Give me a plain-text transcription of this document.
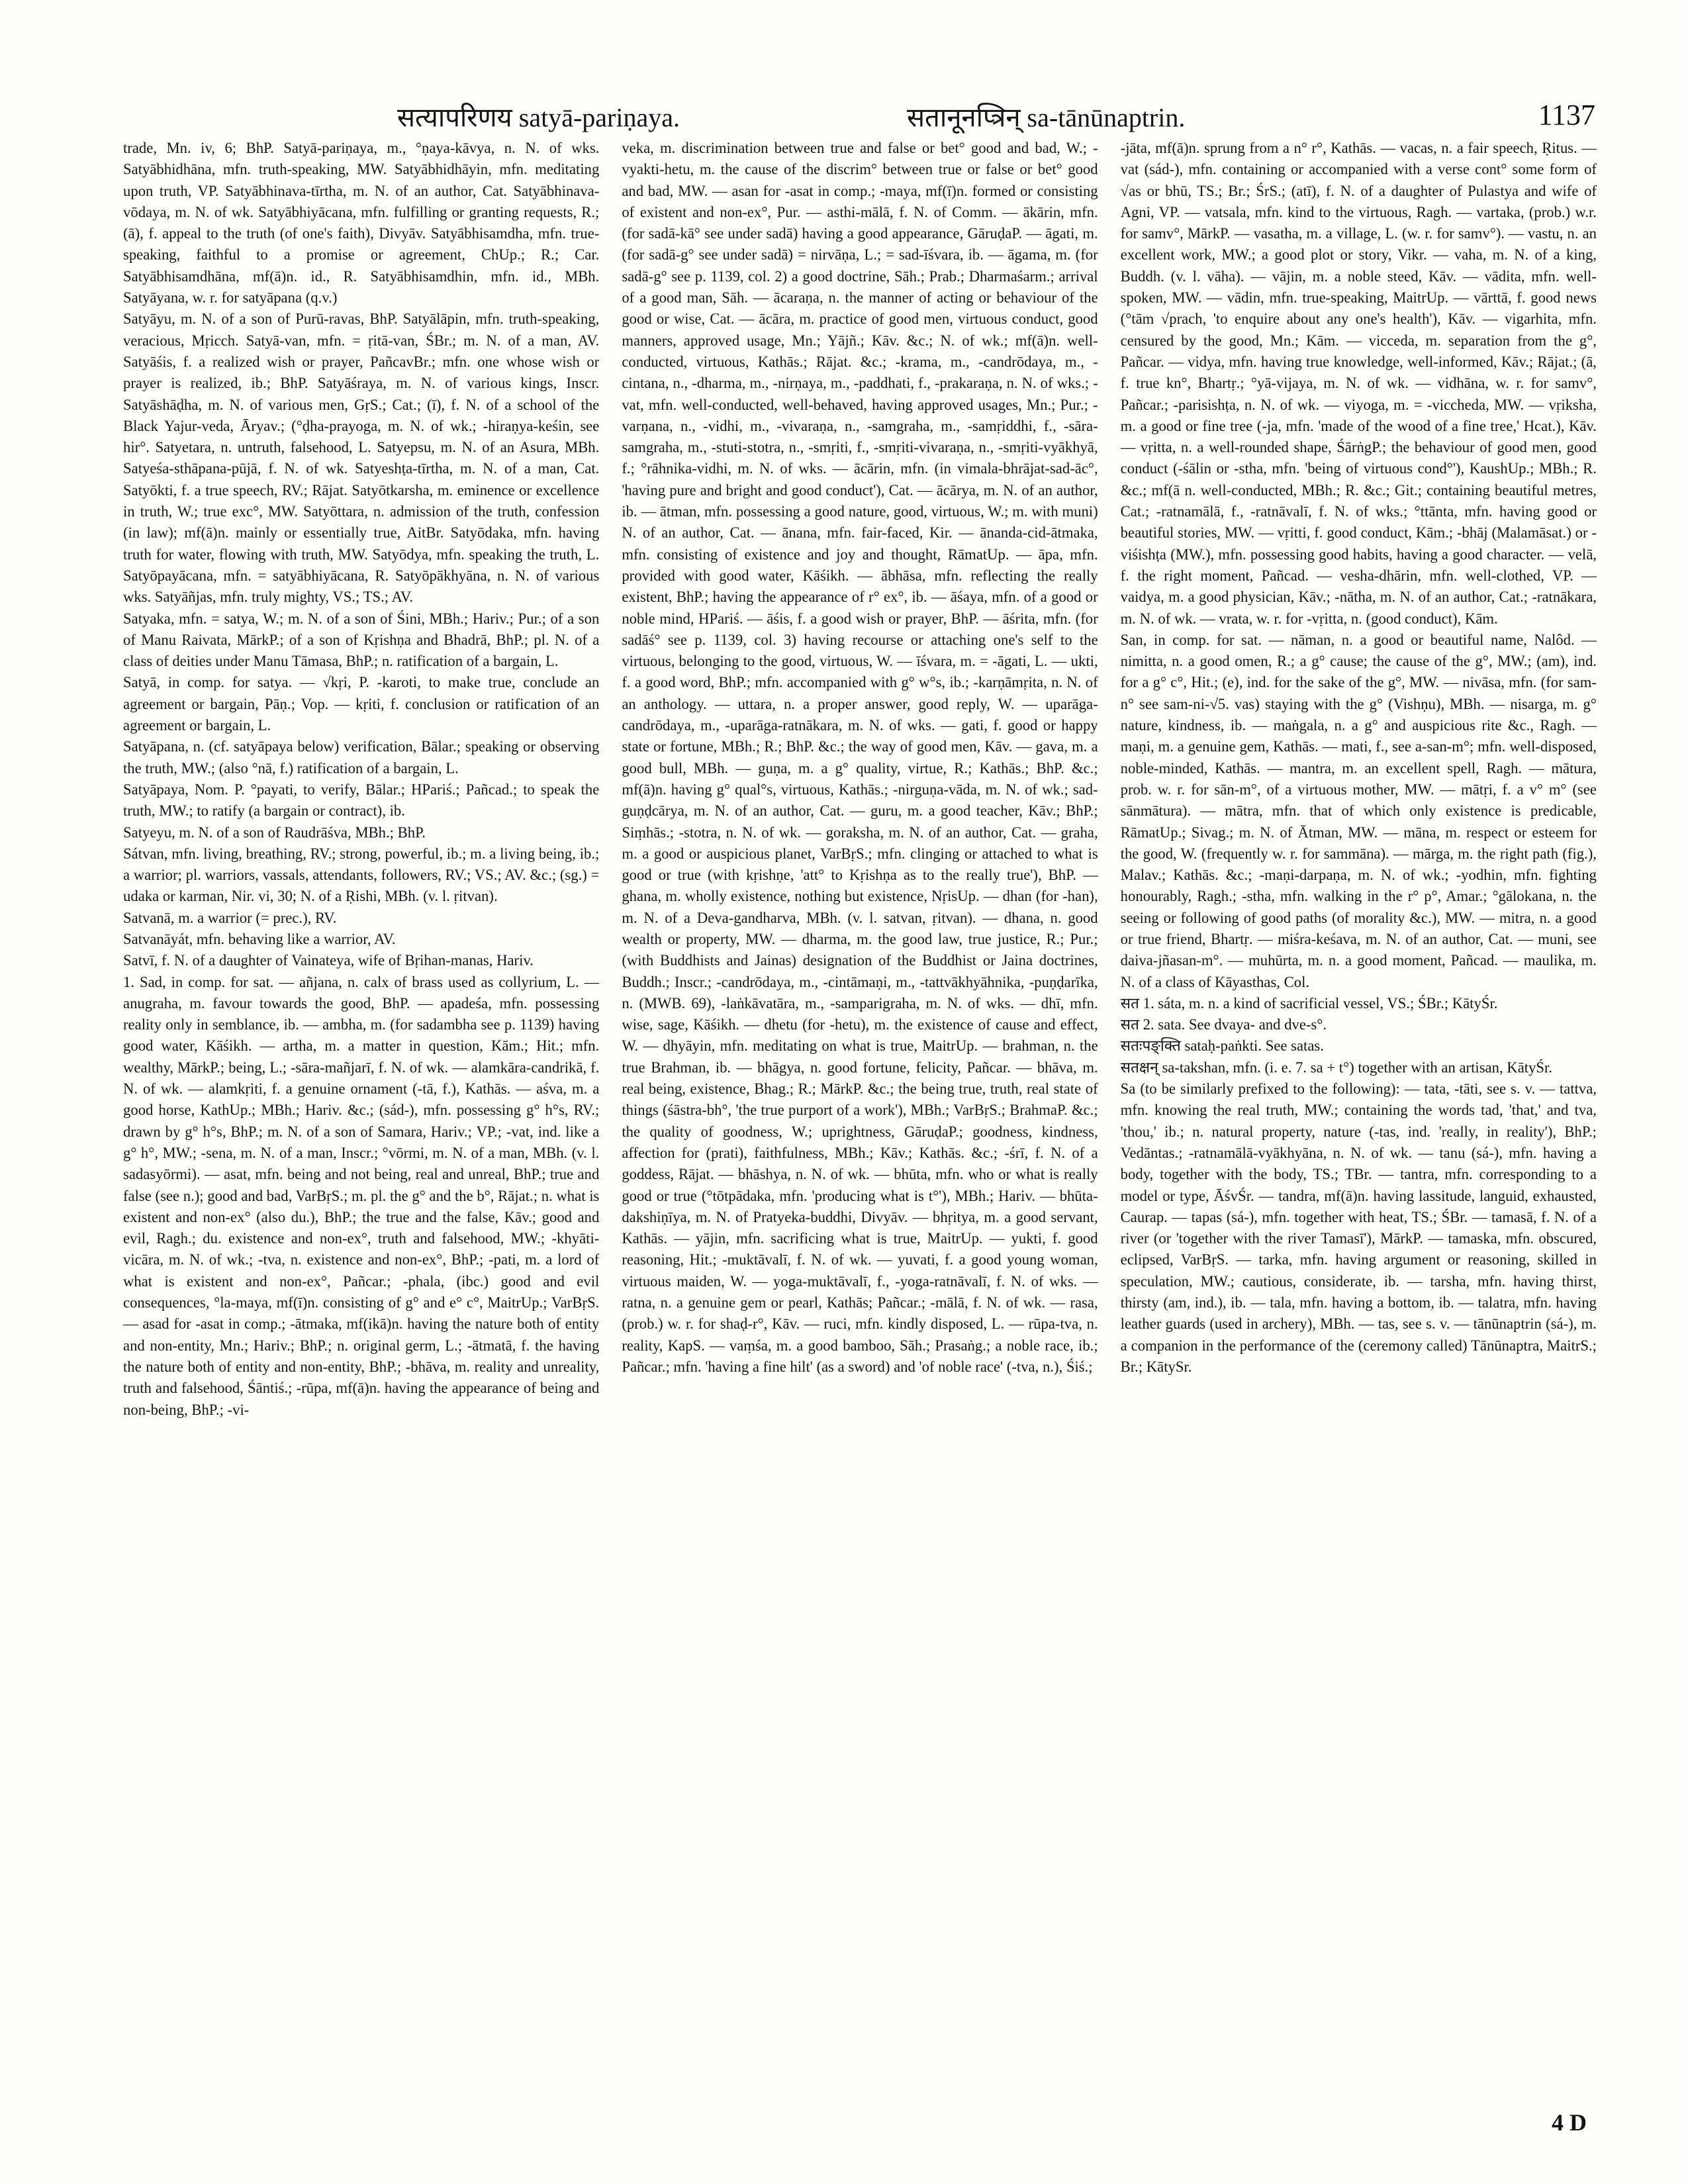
सत्यापरिणय satyā-pariṇaya.	सतानूनप्त्रिन् sa-tānūnaptrin.	1137

trade, Mn. iv, 6; BhP. Satyā-pariṇaya, m., °ṇaya-kāvya, n. N. of wks. Satyābhidhāna, mfn. truth-speaking, MW. Satyābhidhāyin, mfn. meditating upon truth, VP. Satyābhinava-tīrtha, m. N. of an author, Cat. Satyābhinava-vōdaya, m. N. of wk. Satyābhiyācana, mfn. fulfilling or granting requests, R.; (ā), f. appeal to the truth (of one's faith), Divyāv. Satyābhisamdha, mfn. true-speaking, faithful to a promise or agreement, ChUp.; R.; Car. Satyābhisamdhāna, mf(ā)n. id., R. Satyābhisamdhin, mfn. id., MBh. Satyāyana, w. r. for satyāpana (q.v.)

Satyāyu, m. N. of a son of Purū-ravas, BhP. Satyālāpin, mfn. truth-speaking, veracious, Mṛicch. Satyā-van, mfn. = ṛitā-van, ŚBr.; m. N. of a man, AV. Satyāśis, f. a realized wish or prayer, PañcavBr.; mfn. one whose wish or prayer is realized, ib.; BhP. Satyāśraya, m. N. of various kings, Inscr. Satyāshāḍha, m. N. of various men, GṛS.; Cat.; (ī), f. N. of a school of the Black Yajur-veda, Āryav.; (°ḍha-prayoga, m. N. of wk.; -hiraṇya-keśin, see hir°. Satyetara, n. untruth, falsehood, L. Satyepsu, m. N. of an Asura, MBh. Satyeśa-sthāpana-pūjā, f. N. of wk. Satyeshṭa-tīrtha, m. N. of a man, Cat. Satyōkti, f. a true speech, RV.; Rājat. Satyōtkarsha, m. eminence or excellence in truth, W.; true exc°, MW. Satyōttara, n. admission of the truth, confession (in law); mf(ā)n. mainly or essentially true, AitBr. Satyōdaka, mfn. having truth for water, flowing with truth, MW. Satyōdya, mfn. speaking the truth, L. Satyōpayācana, mfn. = satyābhiyācana, R. Satyōpākhyāna, n. N. of various wks. Satyāñjas, mfn. truly mighty, VS.; TS.; AV.

Satyaka, mfn. = satya, W.; m. N. of a son of Śini, MBh.; Hariv.; Pur.; of a son of Manu Raivata, MārkP.; of a son of Kṛishṇa and Bhadrā, BhP.; pl. N. of a class of deities under Manu Tāmasa, BhP.; n. ratification of a bargain, L.

Satyā, in comp. for satya. — √kṛi, P. -karoti, to make true, conclude an agreement or bargain, Pāṇ.; Vop. — kṛiti, f. conclusion or ratification of an agreement or bargain, L.

Satyāpana, n. (cf. satyāpaya below) verification, Bālar.; speaking or observing the truth, MW.; (also °nā, f.) ratification of a bargain, L.

Satyāpaya, Nom. P. °payati, to verify, Bālar.; HPariś.; Pañcad.; to speak the truth, MW.; to ratify (a bargain or contract), ib.

Satyeyu, m. N. of a son of Raudrāśva, MBh.; BhP.

Sátvan, mfn. living, breathing, RV.; strong, powerful, ib.; m. a living being, ib.; a warrior; pl. warriors, vassals, attendants, followers, RV.; VS.; AV. &c.; (sg.) = udaka or karman, Nir. vi, 30; N. of a Ṛishi, MBh. (v. l. ṛitvan).

Satvanā, m. a warrior (= prec.), RV.

Satvanāyát, mfn. behaving like a warrior, AV.

Satvī, f. N. of a daughter of Vainateya, wife of Bṛihan-manas, Hariv.

1. Sad, in comp. for sat. — añjana, n. calx of brass used as collyrium, L. — anugraha, m. favour towards the good, BhP. — apadeśa, mfn. possessing reality only in semblance, ib. — ambha, m. (for sadambha see p. 1139) having good water, Kāśikh. — artha, m. a matter in question, Kām.; Hit.; mfn. wealthy, MārkP.; being, L.; -sāra-mañjarī, f. N. of wk. — alamkāra-candrikā, f. N. of wk. — alamkṛiti, f. a genuine ornament (-tā, f.), Kathās. — aśva, m. a good horse, KathUp.; MBh.; Hariv. &c.; (sád-), mfn. possessing g° h°s, RV.; drawn by g° h°s, BhP.; m. N. of a son of Samara, Hariv.; VP.; -vat, ind. like a g° h°, MW.; -sena, m. N. of a man, Inscr.; °vōrmi, m. N. of a man, MBh. (v. l. sadasyōrmi). — asat, mfn. being and not being, real and unreal, BhP.; true and false (see n.); good and bad, VarBṛS.; m. pl. the g° and the b°, Rājat.; n. what is existent and non-ex° (also du.), BhP.; the true and the false, Kāv.; good and evil, Ragh.; du. existence and non-ex°, truth and falsehood, MW.; -khyāti-vicāra, m. N. of wk.; -tva, n. existence and non-ex°, BhP.; -pati, m. a lord of what is existent and non-ex°, Pañcar.; -phala, (ibc.) good and evil consequences, °la-maya, mf(ī)n. consisting of g° and e° c°, MaitrUp.; VarBṛS. — asad for -asat in comp.; -ātmaka, mf(ikā)n. having the nature both of entity and non-entity, Mn.; Hariv.; BhP.; n. original germ, L.; -ātmatā, f. the having the nature both of entity and non-entity, BhP.; -bhāva, m. reality and unreality, truth and falsehood, Śāntiś.; -rūpa, mf(ā)n. having the appearance of being and non-being, BhP.; -vi-

veka, m. discrimination between true and false or bet° good and bad, W.; -vyakti-hetu, m. the cause of the discrim° between true or false or bet° good and bad, MW. — asan for -asat in comp.; -maya, mf(ī)n. formed or consisting of existent and non-ex°, Pur. — asthi-mālā, f. N. of Comm. — ākārin, mfn. (for sadā-kā° see under sadā) having a good appearance, GāruḍaP. — āgati, m. (for sadā-g° see under sadā) = nirvāṇa, L.; = sad-īśvara, ib. — āgama, m. (for sadā-g° see p. 1139, col. 2) a good doctrine, Sāh.; Prab.; Dharmaśarm.; arrival of a good man, Sāh. — ācaraṇa, n. the manner of acting or behaviour of the good or wise, Cat. — ācāra, m. practice of good men, virtuous conduct, good manners, approved usage, Mn.; Yājñ.; Kāv. &c.; N. of wk.; mf(ā)n. well-conducted, virtuous, Kathās.; Rājat. &c.; -krama, m., -candrōdaya, m., -cintana, n., -dharma, m., -nirṇaya, m., -paddhati, f., -prakaraṇa, n. N. of wks.; -vat, mfn. well-conducted, well-behaved, having approved usages, Mn.; Pur.; -varṇana, n., -vidhi, m., -vivaraṇa, n., -samgraha, m., -samṛiddhi, f., -sāra-samgraha, m., -stuti-stotra, n., -smṛiti, f., -smṛiti-vivaraṇa, n., -smṛiti-vyākhyā, f.; °rāhnika-vidhi, m. N. of wks. — ācārin, mfn. (in vimala-bhrājat-sad-āc°, 'having pure and bright and good conduct'), Cat. — ācārya, m. N. of an author, ib. — ātman, mfn. possessing a good nature, good, virtuous, W.; m. with muni) N. of an author, Cat. — ānana, mfn. fair-faced, Kir. — ānanda-cid-ātmaka, mfn. consisting of existence and joy and thought, RāmatUp. — āpa, mfn. provided with good water, Kāśikh. — ābhāsa, mfn. reflecting the really existent, BhP.; having the appearance of r° ex°, ib. — āśaya, mfn. of a good or noble mind, HPariś. — āśis, f. a good wish or prayer, BhP. — āśrita, mfn. (for sadāś° see p. 1139, col. 3) having recourse or attaching one's self to the virtuous, belonging to the good, virtuous, W. — īśvara, m. = -āgati, L. — ukti, f. a good word, BhP.; mfn. accompanied with g° w°s, ib.; -karṇāmṛita, n. N. of an anthology. — uttara, n. a proper answer, good reply, W. — uparāga-candrōdaya, m., -uparāga-ratnākara, m. N. of wks. — gati, f. good or happy state or fortune, MBh.; R.; BhP. &c.; the way of good men, Kāv. — gava, m. a good bull, MBh. — guṇa, m. a g° quality, virtue, R.; Kathās.; BhP. &c.; mf(ā)n. having g° qual°s, virtuous, Kathās.; -nirguṇa-vāda, m. N. of wk.; sad-guṇḍcārya, m. N. of an author, Cat. — guru, m. a good teacher, Kāv.; BhP.; Siṃhās.; -stotra, n. N. of wk. — goraksha, m. N. of an author, Cat. — graha, m. a good or auspicious planet, VarBṛS.; mfn. clinging or attached to what is good or true (with kṛishṇe, 'att° to Kṛishṇa as to the really true'), BhP. — ghana, m. wholly existence, nothing but existence, NṛisUp. — dhan (for -han), m. N. of a Deva-gandharva, MBh. (v. l. satvan, ṛitvan). — dhana, n. good wealth or property, MW. — dharma, m. the good law, true justice, R.; Pur.; (with Buddhists and Jainas) designation of the Buddhist or Jaina doctrines, Buddh.; Inscr.; -candrōdaya, m., -cintāmaṇi, m., -tattvākhyāhnika, -puṇḍarīka, n. (MWB. 69), -laṅkāvatāra, m., -samparigraha, m. N. of wks. — dhī, mfn. wise, sage, Kāśikh. — dhetu (for -hetu), m. the existence of cause and effect, W. — dhyāyin, mfn. meditating on what is true, MaitrUp. — brahman, n. the true Brahman, ib. — bhāgya, n. good fortune, felicity, Pañcar. — bhāva, m. real being, existence, Bhag.; R.; MārkP. &c.; the being true, truth, real state of things (śāstra-bh°, 'the true purport of a work'), MBh.; VarBṛS.; BrahmaP. &c.; the quality of goodness, W.; uprightness, GāruḍaP.; goodness, kindness, affection for (prati), faithfulness, MBh.; Kāv.; Kathās. &c.; -śrī, f. N. of a goddess, Rājat. — bhāshya, n. N. of wk. — bhūta, mfn. who or what is really good or true (°tōtpādaka, mfn. 'producing what is t°'), MBh.; Hariv. — bhūta-dakshiṇīya, m. N. of Pratyeka-buddhi, Divyāv. — bhṛitya, m. a good servant, Kathās. — yājin, mfn. sacrificing what is true, MaitrUp. — yukti, f. good reasoning, Hit.; -muktāvalī, f. N. of wk. — yuvati, f. a good young woman, virtuous maiden, W. — yoga-muktāvalī, f., -yoga-ratnāvalī, f. N. of wks. — ratna, n. a genuine gem or pearl, Kathās; Pañcar.; -mālā, f. N. of wk. — rasa, (prob.) w. r. for shaḍ-r°, Kāv. — ruci, mfn. kindly disposed, L. — rūpa-tva, n. reality, KapS. — vaṃśa, m. a good bamboo, Sāh.; Prasaṅg.; a noble race, ib.; Pañcar.; mfn. 'having a fine hilt' (as a sword) and 'of noble race' (-tva, n.), Śiś.;

-jāta, mf(ā)n. sprung from a n° r°, Kathās. — vacas, n. a fair speech, Ṛitus. — vat (sád-), mfn. containing or accompanied with a verse cont° some form of √as or bhū, TS.; Br.; ŚrS.; (atī), f. N. of a daughter of Pulastya and wife of Agni, VP. — vatsala, mfn. kind to the virtuous, Ragh. — vartaka, (prob.) w.r. for samv°, MārkP. — vasatha, m. a village, L. (w. r. for samv°). — vastu, n. an excellent work, MW.; a good plot or story, Vikr. — vaha, m. N. of a king, Buddh. (v. l. vāha). — vājin, m. a noble steed, Kāv. — vādita, mfn. well-spoken, MW. — vādin, mfn. true-speaking, MaitrUp. — vārttā, f. good news (°tām √prach, 'to enquire about any one's health'), Kāv. — vigarhita, mfn. censured by the good, Mn.; Kām. — vicceda, m. separation from the g°, Pañcar. — vidya, mfn. having true knowledge, well-informed, Kāv.; Rājat.; (ā, f. true kn°, Bhartṛ.; °yā-vijaya, m. N. of wk. — vidhāna, w. r. for samv°, Pañcar.; -parisishṭa, n. N. of wk. — viyoga, m. = -viccheda, MW. — vṛiksha, m. a good or fine tree (-ja, mfn. 'made of the wood of a fine tree,' Hcat.), Kāv. — vṛitta, n. a well-rounded shape, ŚārṅgP.; the behaviour of good men, good conduct (-śālin or -stha, mfn. 'being of virtuous cond°'), KaushUp.; MBh.; R. &c.; mf(ā n. well-conducted, MBh.; R. &c.; Git.; containing beautiful metres, Cat.; -ratnamālā, f., -ratnāvalī, f. N. of wks.; °ttānta, mfn. having good or beautiful stories, MW. — vṛitti, f. good conduct, Kām.; -bhāj (Malamāsat.) or -viśishṭa (MW.), mfn. possessing good habits, having a good character. — velā, f. the right moment, Pañcad. — vesha-dhārin, mfn. well-clothed, VP. — vaidya, m. a good physician, Kāv.; -nātha, m. N. of an author, Cat.; -ratnākara, m. N. of wk. — vrata, w. r. for -vṛitta, n. (good conduct), Kām.

San, in comp. for sat. — nāman, n. a good or beautiful name, Nalôd. — nimitta, n. a good omen, R.; a g° cause; the cause of the g°, MW.; (am), ind. for a g° c°, Hit.; (e), ind. for the sake of the g°, MW. — nivāsa, mfn. (for sam-n° see sam-ni-√5. vas) staying with the g° (Vishṇu), MBh. — nisarga, m. g° nature, kindness, ib. — maṅgala, n. a g° and auspicious rite &c., Ragh. — maṇi, m. a genuine gem, Kathās. — mati, f., see a-san-m°; mfn. well-disposed, noble-minded, Kathās. — mantra, m. an excellent spell, Ragh. — mātura, prob. w. r. for sān-m°, of a virtuous mother, MW. — mātṛi, f. a v° m° (see sānmātura). — mātra, mfn. that of which only existence is predicable, RāmatUp.; Sivag.; m. N. of Ātman, MW. — māna, m. respect or esteem for the good, W. (frequently w. r. for sammāna). — mārga, m. the right path (fig.), Malav.; Kathās. &c.; -maṇi-darpaṇa, m. N. of wk.; -yodhin, mfn. fighting honourably, Ragh.; -stha, mfn. walking in the r° p°, Amar.; °gālokana, n. the seeing or following of good paths (of morality &c.), MW. — mitra, n. a good or true friend, Bhartṛ. — miśra-keśava, m. N. of an author, Cat. — muni, see daiva-jñasan-m°. — muhūrta, m. n. a good moment, Pañcad. — maulika, m. N. of a class of Kāyasthas, Col.

सत 1. sáta, m. n. a kind of sacrificial vessel, VS.; ŚBr.; KātyŚr.

सत 2. sata. See dvaya- and dve-s°.

सतःपङ्क्ति sataḥ-paṅkti. See satas.

सतक्षन् sa-takshan, mfn. (i. e. 7. sa + t°) together with an artisan, KātyŚr.

Sa (to be similarly prefixed to the following): — tata, -tāti, see s. v. — tattva, mfn. knowing the real truth, MW.; containing the words tad, 'that,' and tva, 'thou,' ib.; n. natural property, nature (-tas, ind. 'really, in reality'), BhP.; Vedāntas.; -ratnamālā-vyākhyāna, n. N. of wk. — tanu (sá-), mfn. having a body, together with the body, TS.; TBr. — tantra, mfn. corresponding to a model or type, ĀśvŚr. — tandra, mf(ā)n. having lassitude, languid, exhausted, Caurap. — tapas (sá-), mfn. together with heat, TS.; ŚBr. — tamasā, f. N. of a river (or 'together with the river Tamasī'), MārkP. — tamaska, mfn. obscured, eclipsed, VarBṛS. — tarka, mfn. having argument or reasoning, skilled in speculation, MW.; cautious, considerate, ib. — tarsha, mfn. having thirst, thirsty (am, ind.), ib. — tala, mfn. having a bottom, ib. — talatra, mfn. having leather guards (used in archery), MBh. — tas, see s. v. — tānūnaptrin (sá-), m. a companion in the performance of the (ceremony called) Tānūnaptra, MaitrS.; Br.; KātySr.

4 D
